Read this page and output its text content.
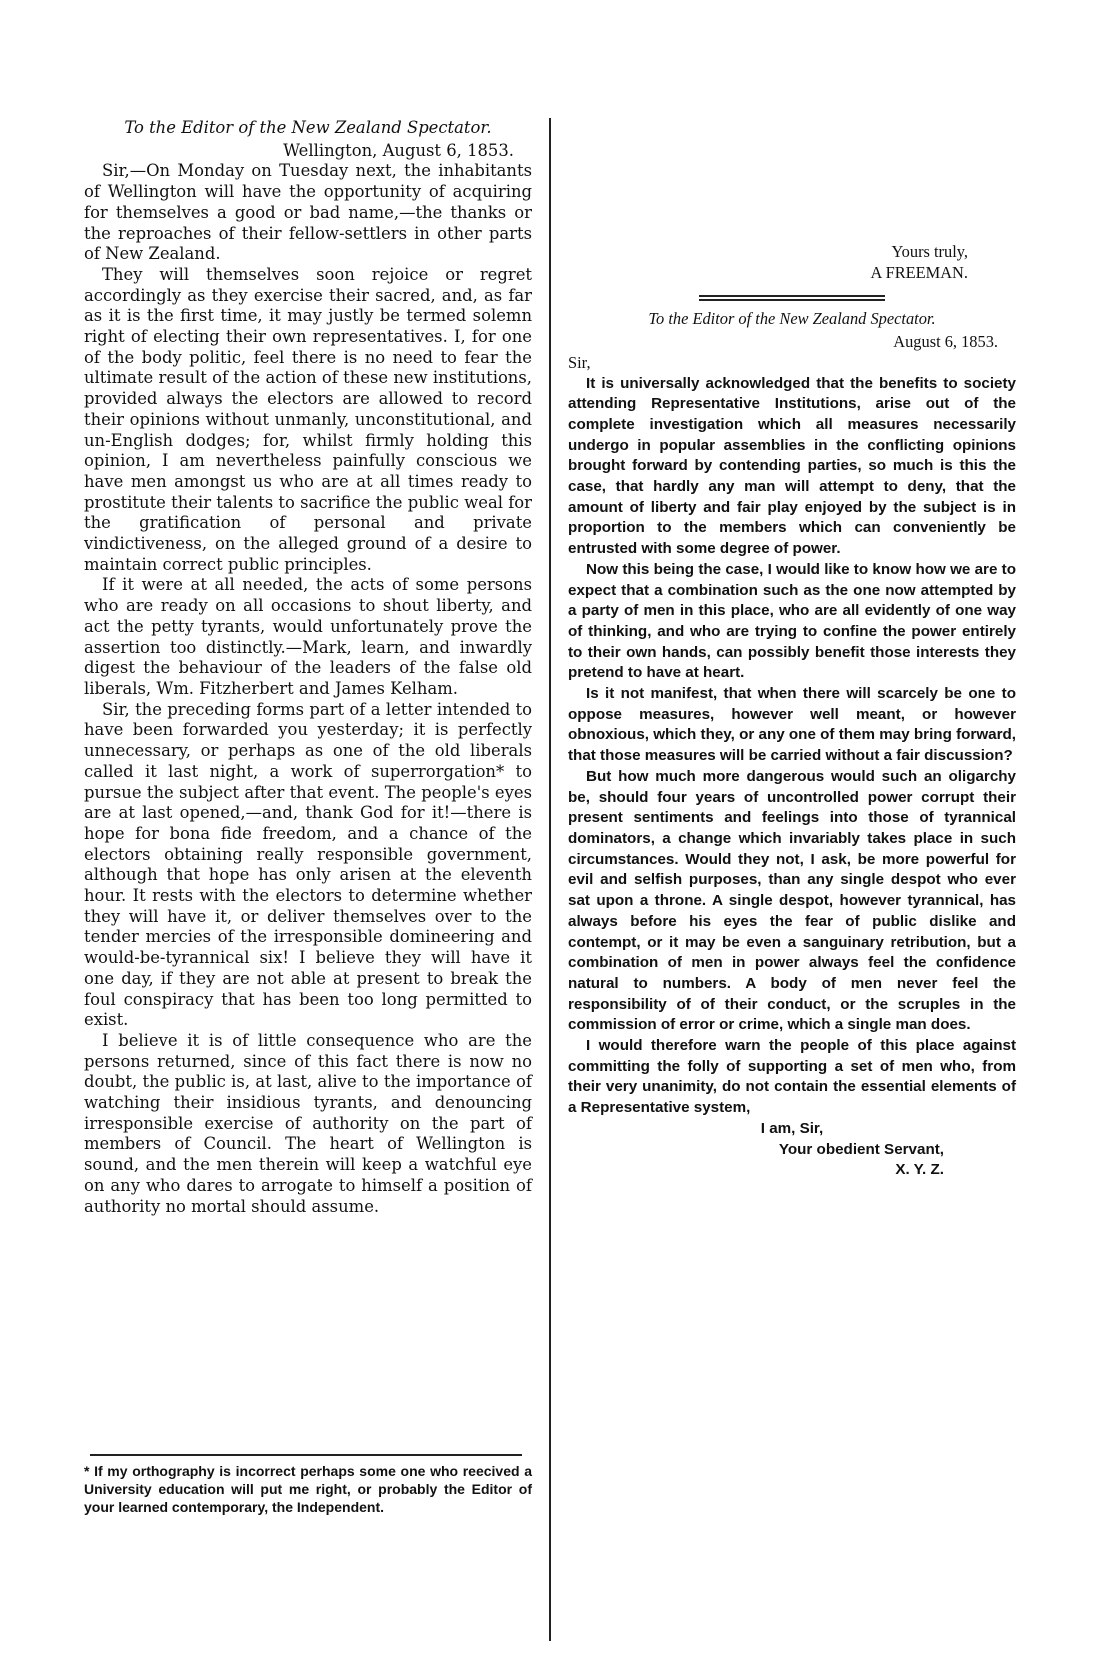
To the Editor of the New Zealand Spectator.

Wellington, August 6, 1853.

Sir,—On Monday on Tuesday next, the inhabitants of Wellington will have the opportunity of acquiring for themselves a good or bad name,—the thanks or the reproaches of their fellow-settlers in other parts of New Zealand.

They will themselves soon rejoice or regret accordingly as they exercise their sacred, and, as far as it is the first time, it may justly be termed solemn right of electing their own representatives. I, for one of the body politic, feel there is no need to fear the ultimate result of the action of these new institutions, provided always the electors are allowed to record their opinions without unmanly, unconstitutional, and un-English dodges; for, whilst firmly holding this opinion, I am nevertheless painfully conscious we have men amongst us who are at all times ready to prostitute their talents to sacrifice the public weal for the gratification of personal and private vindictiveness, on the alleged ground of a desire to maintain correct public principles.

If it were at all needed, the acts of some persons who are ready on all occasions to shout liberty, and act the petty tyrants, would unfortunately prove the assertion too distinctly.—Mark, learn, and inwardly digest the behaviour of the leaders of the false old liberals, Wm. Fitzherbert and James Kelham.

Sir, the preceding forms part of a letter intended to have been forwarded you yesterday; it is perfectly unnecessary, or perhaps as one of the old liberals called it last night, a work of superrorgation* to pursue the subject after that event. The people's eyes are at last opened,—and, thank God for it!—there is hope for bona fide freedom, and a chance of the electors obtaining really responsible government, although that hope has only arisen at the eleventh hour. It rests with the electors to determine whether they will have it, or deliver themselves over to the tender mercies of the irresponsible domineering and would-be-tyrannical six! I believe they will have it one day, if they are not able at present to break the foul conspiracy that has been too long permitted to exist.

I believe it is of little consequence who are the persons returned, since of this fact there is now no doubt, the public is, at last, alive to the importance of watching their insidious tyrants, and denouncing irresponsible exercise of authority on the part of members of Council. The heart of Wellington is sound, and the men therein will keep a watchful eye on any who dares to arrogate to himself a position of authority no mortal should assume.

Yours truly,

A FREEMAN.

To the Editor of the New Zealand Spectator.

August 6, 1853.

Sir,

It is universally acknowledged that the benefits to society attending Representative Institutions, arise out of the complete investigation which all measures necessarily undergo in popular assemblies in the conflicting opinions brought forward by contending parties, so much is this the case, that hardly any man will attempt to deny, that the amount of liberty and fair play enjoyed by the subject is in proportion to the members which can conveniently be entrusted with some degree of power.

Now this being the case, I would like to know how we are to expect that a combination such as the one now attempted by a party of men in this place, who are all evidently of one way of thinking, and who are trying to confine the power entirely to their own hands, can possibly benefit those interests they pretend to have at heart.

Is it not manifest, that when there will scarcely be one to oppose measures, however well meant, or however obnoxious, which they, or any one of them may bring forward, that those measures will be carried without a fair discussion?

But how much more dangerous would such an oligarchy be, should four years of uncontrolled power corrupt their present sentiments and feelings into those of tyrannical dominators, a change which invariably takes place in such circumstances. Would they not, I ask, be more powerful for evil and selfish purposes, than any single despot who ever sat upon a throne. A single despot, however tyrannical, has always before his eyes the fear of public dislike and contempt, or it may be even a sanguinary retribution, but a combination of men in power always feel the confidence natural to numbers. A body of men never feel the responsibility of of their conduct, or the scruples in the commission of error or crime, which a single man does.

I would therefore warn the people of this place against committing the folly of supporting a set of men who, from their very unanimity, do not contain the essential elements of a Representative system,

I am, Sir,

Your obedient Servant,

X. Y. Z.

* If my orthography is incorrect perhaps some one who reecived a University education will put me right, or probably the Editor of your learned contemporary, the Independent.
